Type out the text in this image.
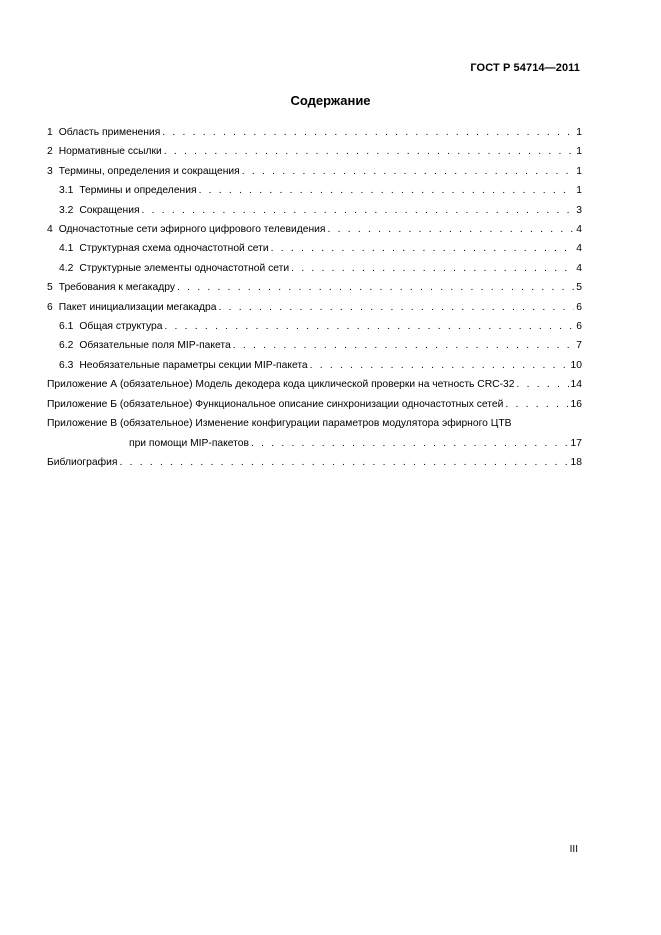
ГОСТ Р 54714—2011
Содержание
1 Область применения . . .	1
2 Нормативные ссылки . . .	1
3 Термины, определения и сокращения . . .	1
3.1 Термины и определения . . .	1
3.2 Сокращения . . .	3
4 Одночастотные сети эфирного цифрового телевидения . . .	4
4.1 Структурная схема одночастотной сети . . .	4
4.2 Структурные элементы одночастотной сети . . .	4
5 Требования к мегакадру . . .	5
6 Пакет инициализации мегакадра . . .	6
6.1 Общая структура . . .	6
6.2 Обязательные поля MIP-пакета . . .	7
6.3 Необязательные параметры секции MIP-пакета . . .	10
Приложение А (обязательное) Модель декодера кода циклической проверки на четность CRC-32 . . .	14
Приложение Б (обязательное) Функциональное описание синхронизации одночастотных сетей . . .	16
Приложение В (обязательное) Изменение конфигурации параметров модулятора эфирного ЦТВ
при помощи MIP-пакетов . . .	17
Библиография . . .	18
III
